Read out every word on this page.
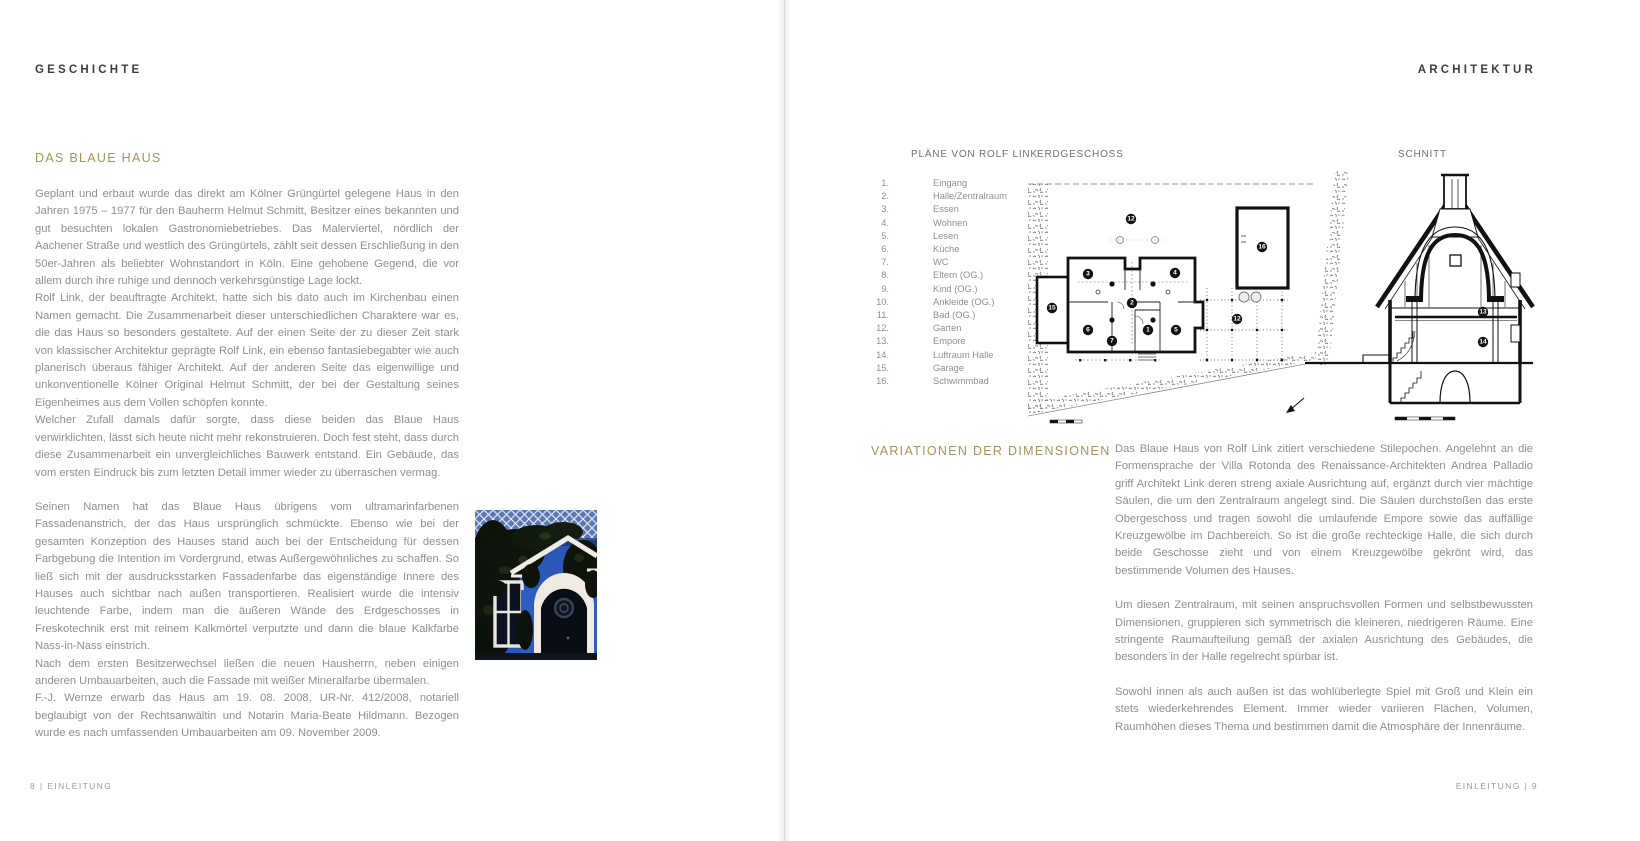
GESCHICHTE
DAS BLAUE HAUS

Geplant und erbaut wurde das direkt am Kölner Grüngürtel gelegene Haus in den Jahren 1975 – 1977 für den Bauherrn Helmut Schmitt, Besitzer eines bekannten und gut besuchten lokalen Gastronomiebetriebes. Das Malerviertel, nördlich der Aachener Straße und westlich des Grüngürtels, zählt seit dessen Erschließung in den 50er-Jahren als beliebter Wohnstandort in Köln. Eine gehobene Gegend, die vor allem durch ihre ruhige und dennoch verkehrsgünstige Lage lockt.

Rolf Link, der beauftragte Architekt, hatte sich bis dato auch im Kirchenbau einen Namen gemacht. Die Zusammenarbeit dieser unterschiedlichen Charaktere war es, die das Haus so besonders gestaltete. Auf der einen Seite der zu dieser Zeit stark von klassischer Architektur geprägte Rolf Link, ein ebenso fantasiebegabter wie auch planerisch überaus fähiger Architekt. Auf der anderen Seite das eigenwillige und unkonventionelle Kölner Original Helmut Schmitt, der bei der Gestaltung seines Eigenheimes aus dem Vollen schöpfen konnte.

Welcher Zufall damals dafür sorgte, dass diese beiden das Blaue Haus verwirklichten, lässt sich heute nicht mehr rekonstruieren. Doch fest steht, dass durch diese Zusammenarbeit ein unvergleichliches Bauwerk entstand. Ein Gebäude, das vom ersten Eindruck bis zum letzten Detail immer wieder zu überraschen vermag.

Seinen Namen hat das Blaue Haus übrigens vom ultramarinfarbenen Fassadenanstrich, der das Haus ursprünglich schmückte. Ebenso wie bei der gesamten Konzeption des Hauses stand auch bei der Entscheidung für dessen Farbgebung die Intention im Vordergrund, etwas Außergewöhnliches zu schaffen. So ließ sich mit der ausdrucksstarken Fassadenfarbe das eigenständige Innere des Hauses auch sichtbar nach außen transportieren. Realisiert wurde die intensiv leuchtende Farbe, indem man die äußeren Wände des Erdgeschosses in Freskotechnik erst mit reinem Kalkmörtel verputzte und dann die blaue Kalkfarbe Nass-in-Nass einstrich.

Nach dem ersten Besitzerwechsel ließen die neuen Hausherrn, neben einigen anderen Umbauarbeiten, auch die Fassade mit weißer Mineralfarbe übermalen.

F.-J. Wernze erwarb das Haus am 19. 08. 2008, UR-Nr. 412/2008, notariell beglaubigt von der Rechtsanwältin und Notarin Maria-Beate Hildmann. Bezogen wurde es nach umfassenden Umbauarbeiten am 09. November 2009.

8 | EINLEITUNG
ARCHITEKTUR
PLÄNE VON ROLF LINK ERDGESCHOSS	SCHNITT
1.	Eingang
2.	Halle/Zentralraum
3.	Essen
4.	Wohnen
5.	Lesen
6.	Küche
7.	WC
8.	Eltern (OG.)
9.	Kind (OG.)
10.	Ankleide (OG.)
11.	Bad (OG.)
12.	Garten
13.	Empore
14.	Luftraum Halle
15.	Garage
16.	Schwimmbad
12
3	4
15
2
16
6
7
1	5
12
13
14
VARIATIONEN DER DIMENSIONEN Das Blaue Haus von Rolf Link zitiert verschiedene Stilepochen. Angelehnt an die Formensprache der Villa Rotonda des Renaissance-Architekten Andrea Palladio griff Architekt Link deren streng axiale Ausrichtung auf, ergänzt durch vier mächtige Säulen, die um den Zentralraum angelegt sind. Die Säulen durchstoßen das erste Obergeschoss und tragen sowohl die umlaufende Empore sowie das auffällige Kreuzgewölbe im Dachbereich. So ist die große rechteckige Halle, die sich durch beide Geschosse zieht und von einem Kreuzgewölbe gekrönt wird, das bestimmende Volumen des Hauses.

Um diesen Zentralraum, mit seinen anspruchsvollen Formen und selbstbewussten Dimensionen, gruppieren sich symmetrisch die kleineren, niedrigeren Räume. Eine stringente Raumaufteilung gemäß der axialen Ausrichtung des Gebäudes, die besonders in der Halle regelrecht spürbar ist.

Sowohl innen als auch außen ist das wohlüberlegte Spiel mit Groß und Klein ein stets wiederkehrendes Element. Immer wieder variieren Flächen, Volumen, Raumhöhen dieses Thema und bestimmen damit die Atmosphäre der Innenräume.

EINLEITUNG | 9
